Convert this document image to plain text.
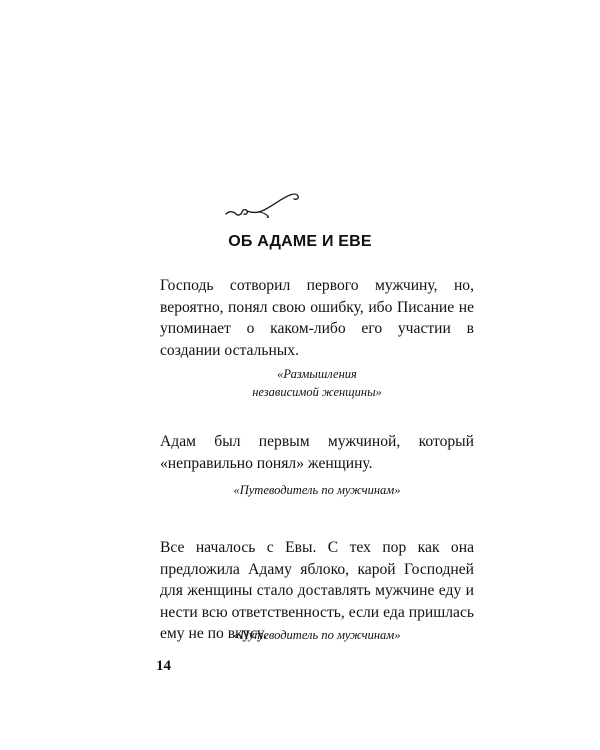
ОБ АДАМЕ И ЕВЕ

Господь сотворил первого мужчину, но, вероятно, понял свою ошибку, ибо Писание не упоминает о каком-либо его участии в создании остальных.

«Размышления
независимой женщины»

Адам был первым мужчиной, который «неправильно понял» женщину.

«Путеводитель по мужчинам»

Все началось с Евы. С тех пор как она предложила Адаму яблоко, карой Господней для женщины стало доставлять мужчине еду и нести всю ответственность, если еда пришлась ему не по вкусу.

«Путеводитель по мужчинам»
14
